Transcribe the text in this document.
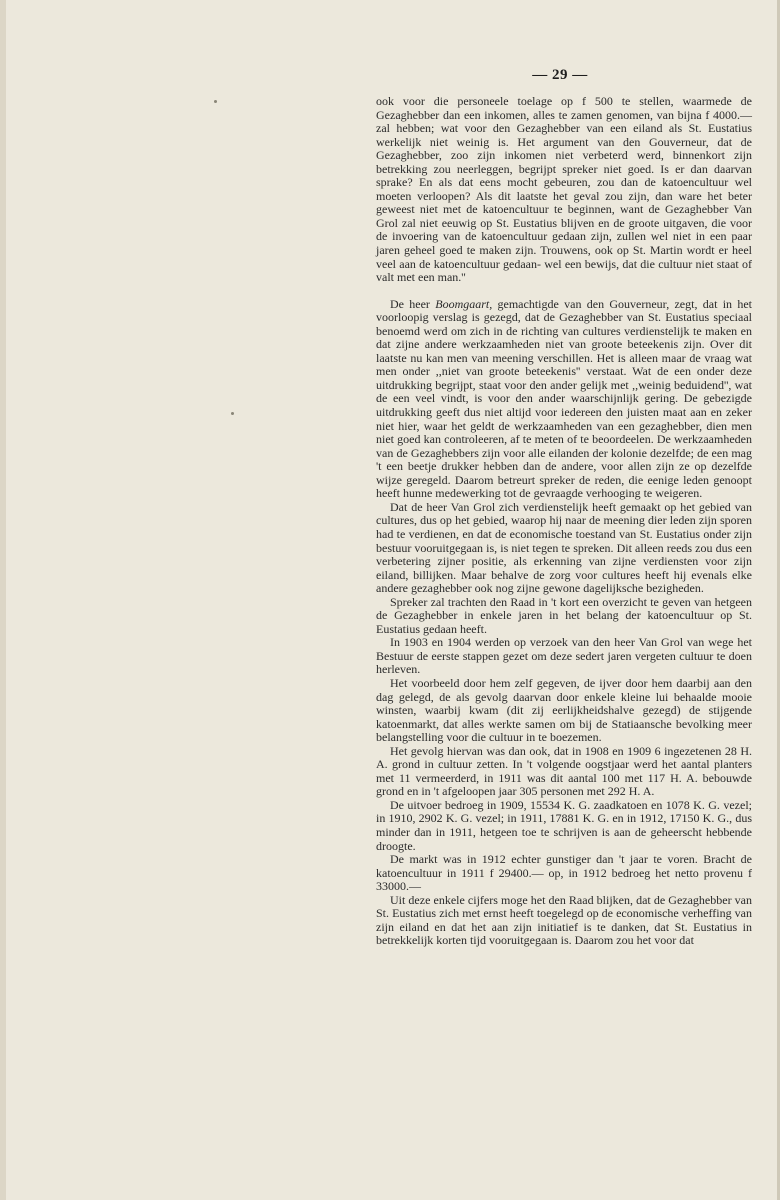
— 29 —

ook voor die personeele toelage op f 500 te stellen, waarmede de Gezaghebber dan een inkomen, alles te zamen genomen, van bijna f 4000.— zal hebben; wat voor den Gezaghebber van een eiland als St. Eustatius werkelijk niet weinig is. Het argument van den Gouverneur, dat de Gezaghebber, zoo zijn inkomen niet verbeterd werd, binnenkort zijn betrekking zou neerleggen, begrijpt spreker niet goed. Is er dan daarvan sprake? En als dat eens mocht gebeuren, zou dan de katoencultuur wel moeten verloopen? Als dit laatste het geval zou zijn, dan ware het beter geweest niet met de katoencultuur te beginnen, want de Gezaghebber Van Grol zal niet eeuwig op St. Eustatius blijven en de groote uitgaven, die voor de invoering van de katoencultuur gedaan zijn, zullen wel niet in een paar jaren geheel goed te maken zijn. Trouwens, ook op St. Martin wordt er heel veel aan de katoencultuur gedaan- wel een bewijs, dat die cultuur niet staat of valt met een man.''

De heer Boomgaart, gemachtigde van den Gouverneur, zegt, dat in het voorloopig verslag is gezegd, dat de Gezaghebber van St. Eustatius speciaal benoemd werd om zich in de richting van cultures verdienstelijk te maken en dat zijne andere werkzaamheden niet van groote beteekenis zijn. Over dit laatste nu kan men van meening verschillen. Het is alleen maar de vraag wat men onder ,,niet van groote beteekenis'' verstaat. Wat de een onder deze uitdrukking begrijpt, staat voor den ander gelijk met ,,weinig beduidend'', wat de een veel vindt, is voor den ander waarschijnlijk gering. De gebezigde uitdrukking geeft dus niet altijd voor iedereen den juisten maat aan en zeker niet hier, waar het geldt de werkzaamheden van een gezaghebber, dien men niet goed kan controleeren, af te meten of te beoordeelen. De werkzaamheden van de Gezaghebbers zijn voor alle eilanden der kolonie dezelfde; de een mag 't een beetje drukker hebben dan de andere, voor allen zijn ze op dezelfde wijze geregeld. Daarom betreurt spreker de reden, die eenige leden genoopt heeft hunne medewerking tot de gevraagde verhooging te weigeren.

Dat de heer Van Grol zich verdienstelijk heeft gemaakt op het gebied van cultures, dus op het gebied, waarop hij naar de meening dier leden zijn sporen had te verdienen, en dat de economische toestand van St. Eustatius onder zijn bestuur vooruitgegaan is, is niet tegen te spreken. Dit alleen reeds zou dus een verbetering zijner positie, als erkenning van zijne verdiensten voor zijn eiland, billijken. Maar behalve de zorg voor cultures heeft hij evenals elke andere gezaghebber ook nog zijne gewone dagelijksche bezigheden.

Spreker zal trachten den Raad in 't kort een overzicht te geven van hetgeen de Gezaghebber in enkele jaren in het belang der katoencultuur op St. Eustatius gedaan heeft.

In 1903 en 1904 werden op verzoek van den heer Van Grol van wege het Bestuur de eerste stappen gezet om deze sedert jaren vergeten cultuur te doen herleven.

Het voorbeeld door hem zelf gegeven, de ijver door hem daarbij aan den dag gelegd, de als gevolg daarvan door enkele kleine lui behaalde mooie winsten, waarbij kwam (dit zij eerlijkheidshalve gezegd) de stijgende katoenmarkt, dat alles werkte samen om bij de Statiaansche bevolking meer belangstelling voor die cultuur in te boezemen.

Het gevolg hiervan was dan ook, dat in 1908 en 1909 6 ingezetenen 28 H. A. grond in cultuur zetten. In 't volgende oogstjaar werd het aantal planters met 11 vermeerderd, in 1911 was dit aantal 100 met 117 H. A. bebouwde grond en in 't afgeloopen jaar 305 personen met 292 H. A.

De uitvoer bedroeg in 1909, 15534 K. G. zaadkatoen en 1078 K. G. vezel; in 1910, 2902 K. G. vezel; in 1911, 17881 K. G. en in 1912, 17150 K. G., dus minder dan in 1911, hetgeen toe te schrijven is aan de geheerscht hebbende droogte.

De markt was in 1912 echter gunstiger dan 't jaar te voren. Bracht de katoencultuur in 1911 f 29400.— op, in 1912 bedroeg het netto provenu f 33000.—

Uit deze enkele cijfers moge het den Raad blijken, dat de Gezaghebber van St. Eustatius zich met ernst heeft toegelegd op de economische verheffing van zijn eiland en dat het aan zijn initiatief is te danken, dat St. Eustatius in betrekkelijk korten tijd vooruitgegaan is. Daarom zou het voor dat
